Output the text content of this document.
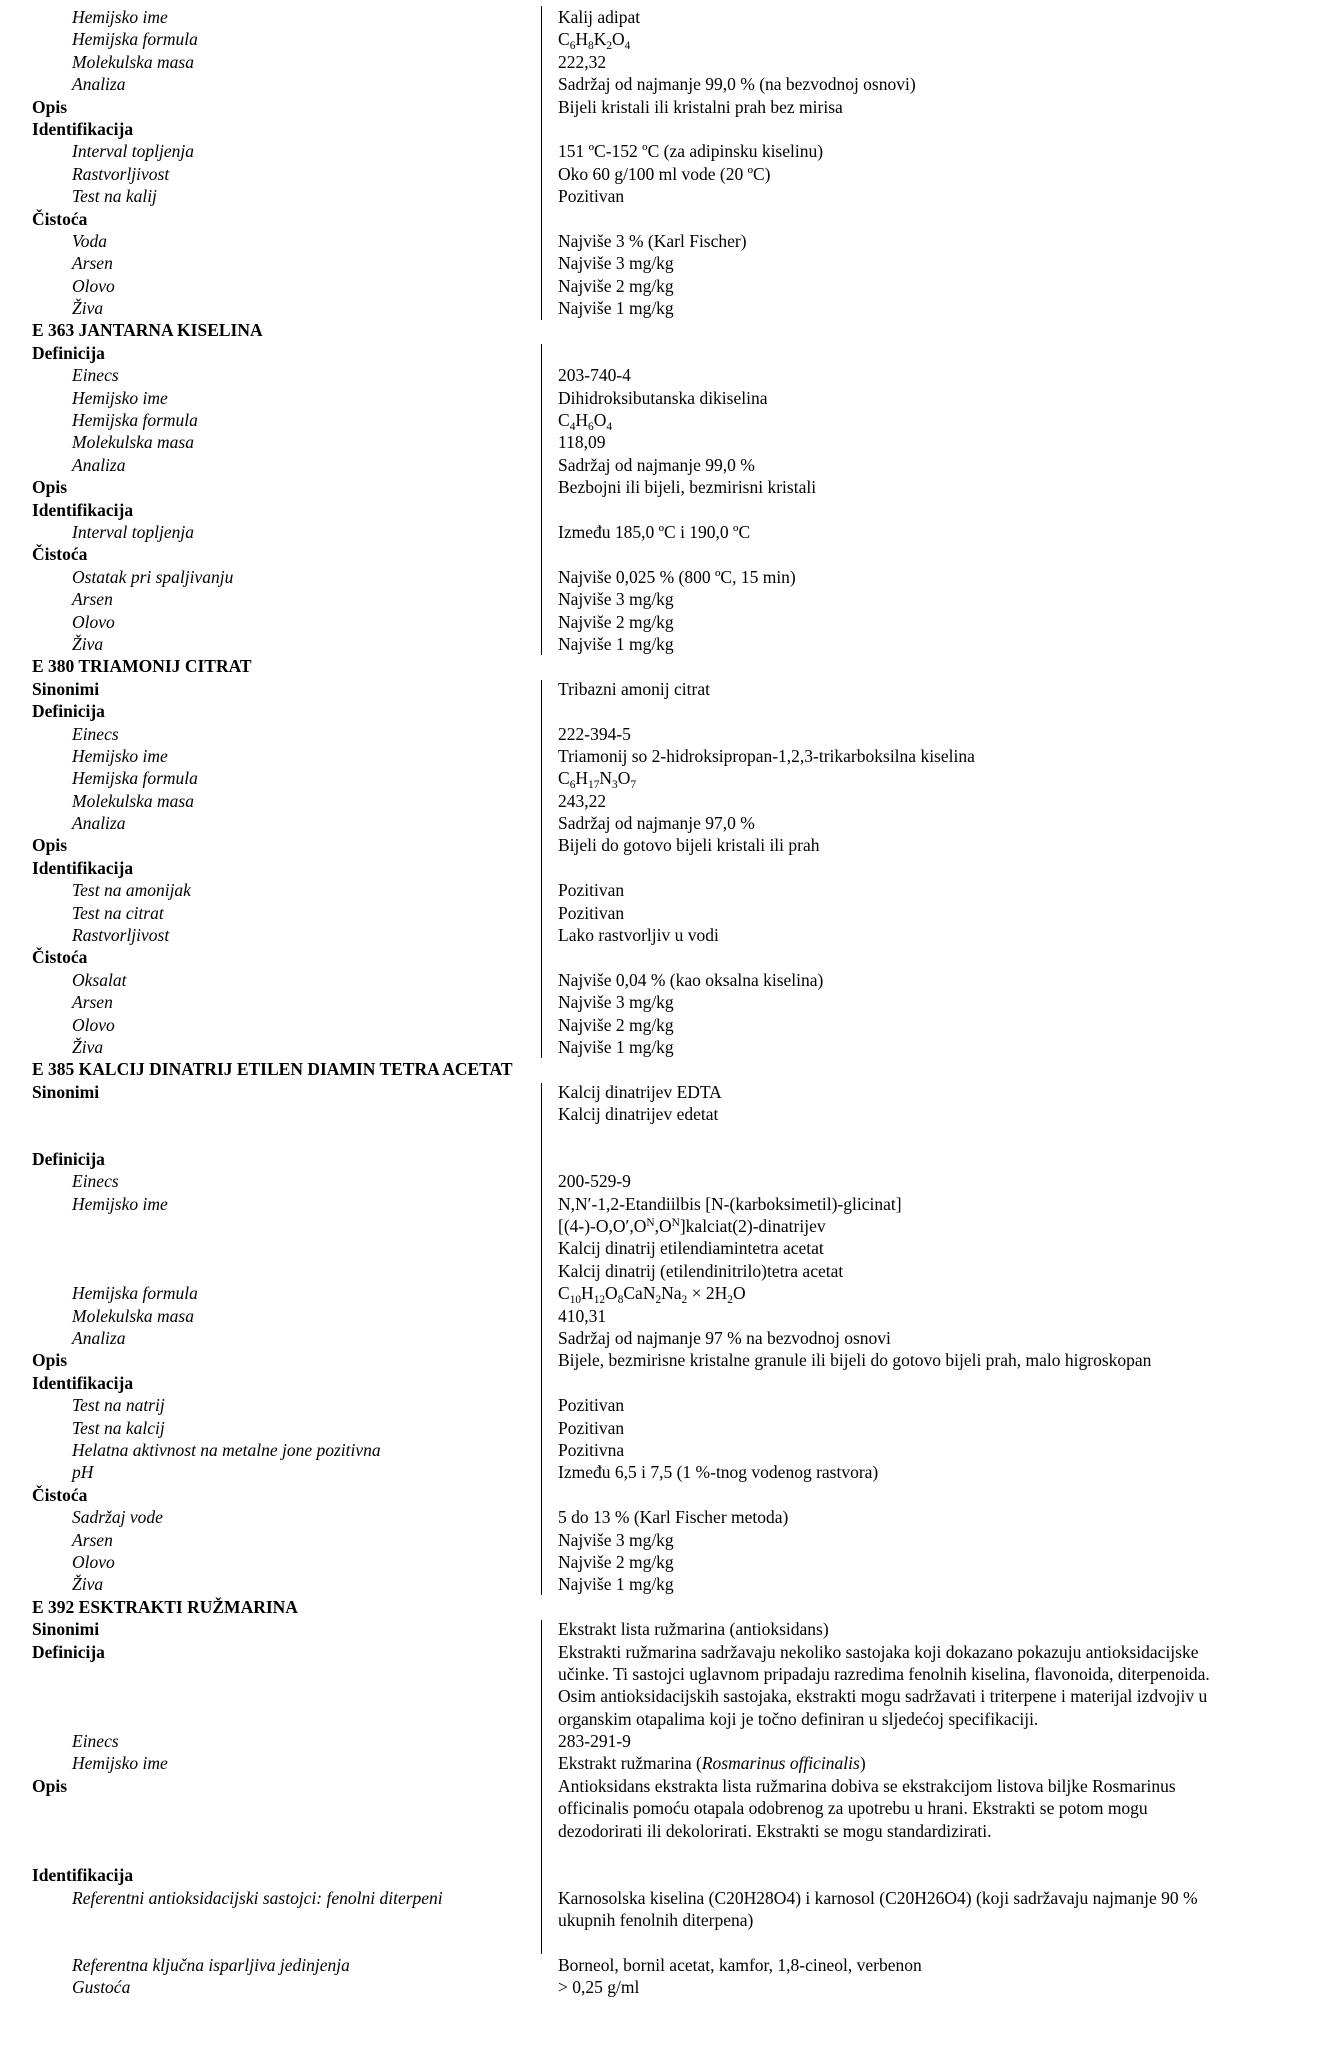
Hemijsko ime	Kalij adipat
Hemijska formula	$C_6H_8K_2O_4$
Molekulska masa	222,32
Analiza	Sadržaj od najmanje 99,0 % (na bezvodnoj osnovi)
Opis	Bijeli kristali ili kristalni prah bez mirisa
Identifikacija
Interval topljenja	151 ºC-152 ºC (za adipinsku kiselinu)
Rastvorljivost	Oko 60 g/100 ml vode (20 ºC)
Test na kalij	Pozitivan
Čistoća
Voda	Najviše 3 % (Karl Fischer)
Arsen	Najviše 3 mg/kg
Olovo	Najviše 2 mg/kg
Živa	Najviše 1 mg/kg
E 363 JANTARNA KISELINA
Definicija
Einecs	203-740-4
Hemijsko ime	Dihidroksibutanska dikiselina
Hemijska formula	$C_4H_6O_4$
Molekulska masa	118,09
Analiza	Sadržaj od najmanje 99,0 %
Opis	Bezbojni ili bijeli, bezmirisni kristali
Identifikacija
Interval topljenja	Između 185,0 ºC i 190,0 ºC
Čistoća
Ostatak pri spaljivanju	Najviše 0,025 % (800 ºC, 15 min)
Arsen	Najviše 3 mg/kg
Olovo	Najviše 2 mg/kg
Živa	Najviše 1 mg/kg
E 380 TRIAMONIJ CITRAT
Sinonimi	Tribazni amonij citrat
Definicija
Einecs	222-394-5
Hemijsko ime	Triamonij so 2-hidroksipropan-1,2,3-trikarboksilna kiselina
Hemijska formula	$C_6H_{17}N_3O_7$
Molekulska masa	243,22
Analiza	Sadržaj od najmanje 97,0 %
Opis	Bijeli do gotovo bijeli kristali ili prah
Identifikacija
Test na amonijak	Pozitivan
Test na citrat	Pozitivan
Rastvorljivost	Lako rastvorljiv u vodi
Čistoća
Oksalat	Najviše 0,04 % (kao oksalna kiselina)
Arsen	Najviše 3 mg/kg
Olovo	Najviše 2 mg/kg
Živa	Najviše 1 mg/kg
E 385 KALCIJ DINATRIJ ETILEN DIAMIN TETRA ACETAT
Sinonimi	Kalcij dinatrijev EDTA
Kalcij dinatrijev edetat
Definicija
Einecs	200-529-9
Hemijsko ime	N,N′-1,2-Etandiilbis [N-(karboksimetil)-glicinat]
$[(4-)-O,O',O^N,O^N]kalciat(2)$-dinatrijev
Kalcij dinatrij etilendiamintetra acetat
Kalcij dinatrij (etilendinitrilo)tetra acetat
Hemijska formula	$C_{10}H_{12}O_8CaN_2Na_2 \times 2H_2O$
Molekulska masa	410,31
Analiza	Sadržaj od najmanje 97 % na bezvodnoj osnovi
Opis	Bijele, bezmirisne kristalne granule ili bijeli do gotovo bijeli prah, malo higroskopan
Identifikacija
Test na natrij	Pozitivan
Test na kalcij	Pozitivan
Helatna aktivnost na metalne jone pozitivna	Pozitivna
pH	Između 6,5 i 7,5 (1 %-tnog vodenog rastvora)
Čistoća
Sadržaj vode	5 do 13 % (Karl Fischer metoda)
Arsen	Najviše 3 mg/kg
Olovo	Najviše 2 mg/kg
Živa	Najviše 1 mg/kg
E 392 ESKTRAKTI RUŽMARINA
Sinonimi	Ekstrakt lista ružmarina (antioksidans)
Definicija	Ekstrakti ružmarina sadržavaju nekoliko sastojaka koji dokazano pokazuju antioksidacijske
učinke. Ti sastojci uglavnom pripadaju razredima fenolnih kiselina, flavonoida, diterpenoida.
Osim antioksidacijskih sastojaka, ekstrakti mogu sadržavati i triterpene i materijal izdvojiv u
organskim otapalima koji je točno definiran u sljedećoj specifikaciji.
Einecs	283-291-9
Hemijsko ime	Ekstrakt ružmarina (Rosmarinus officinalis)
Opis	Antioksidans ekstrakta lista ružmarina dobiva se ekstrakcijom listova biljke Rosmarinus
officinalis pomoću otapala odobrenog za upotrebu u hrani. Ekstrakti se potom mogu
dezodorirati ili dekolorirati. Ekstrakti se mogu standardizirati.
Identifikacija
Referentni antioksidacijski sastojci: fenolni diterpeni	Karnosolska kiselina (C20H28O4) i karnosol (C20H26O4) (koji sadržavaju najmanje 90 %
ukupnih fenolnih diterpena)
Referentna ključna isparljiva jedinjenja	Borneol, bornil acetat, kamfor, 1,8-cineol, verbenon
Gustoća	> 0,25 g/ml
